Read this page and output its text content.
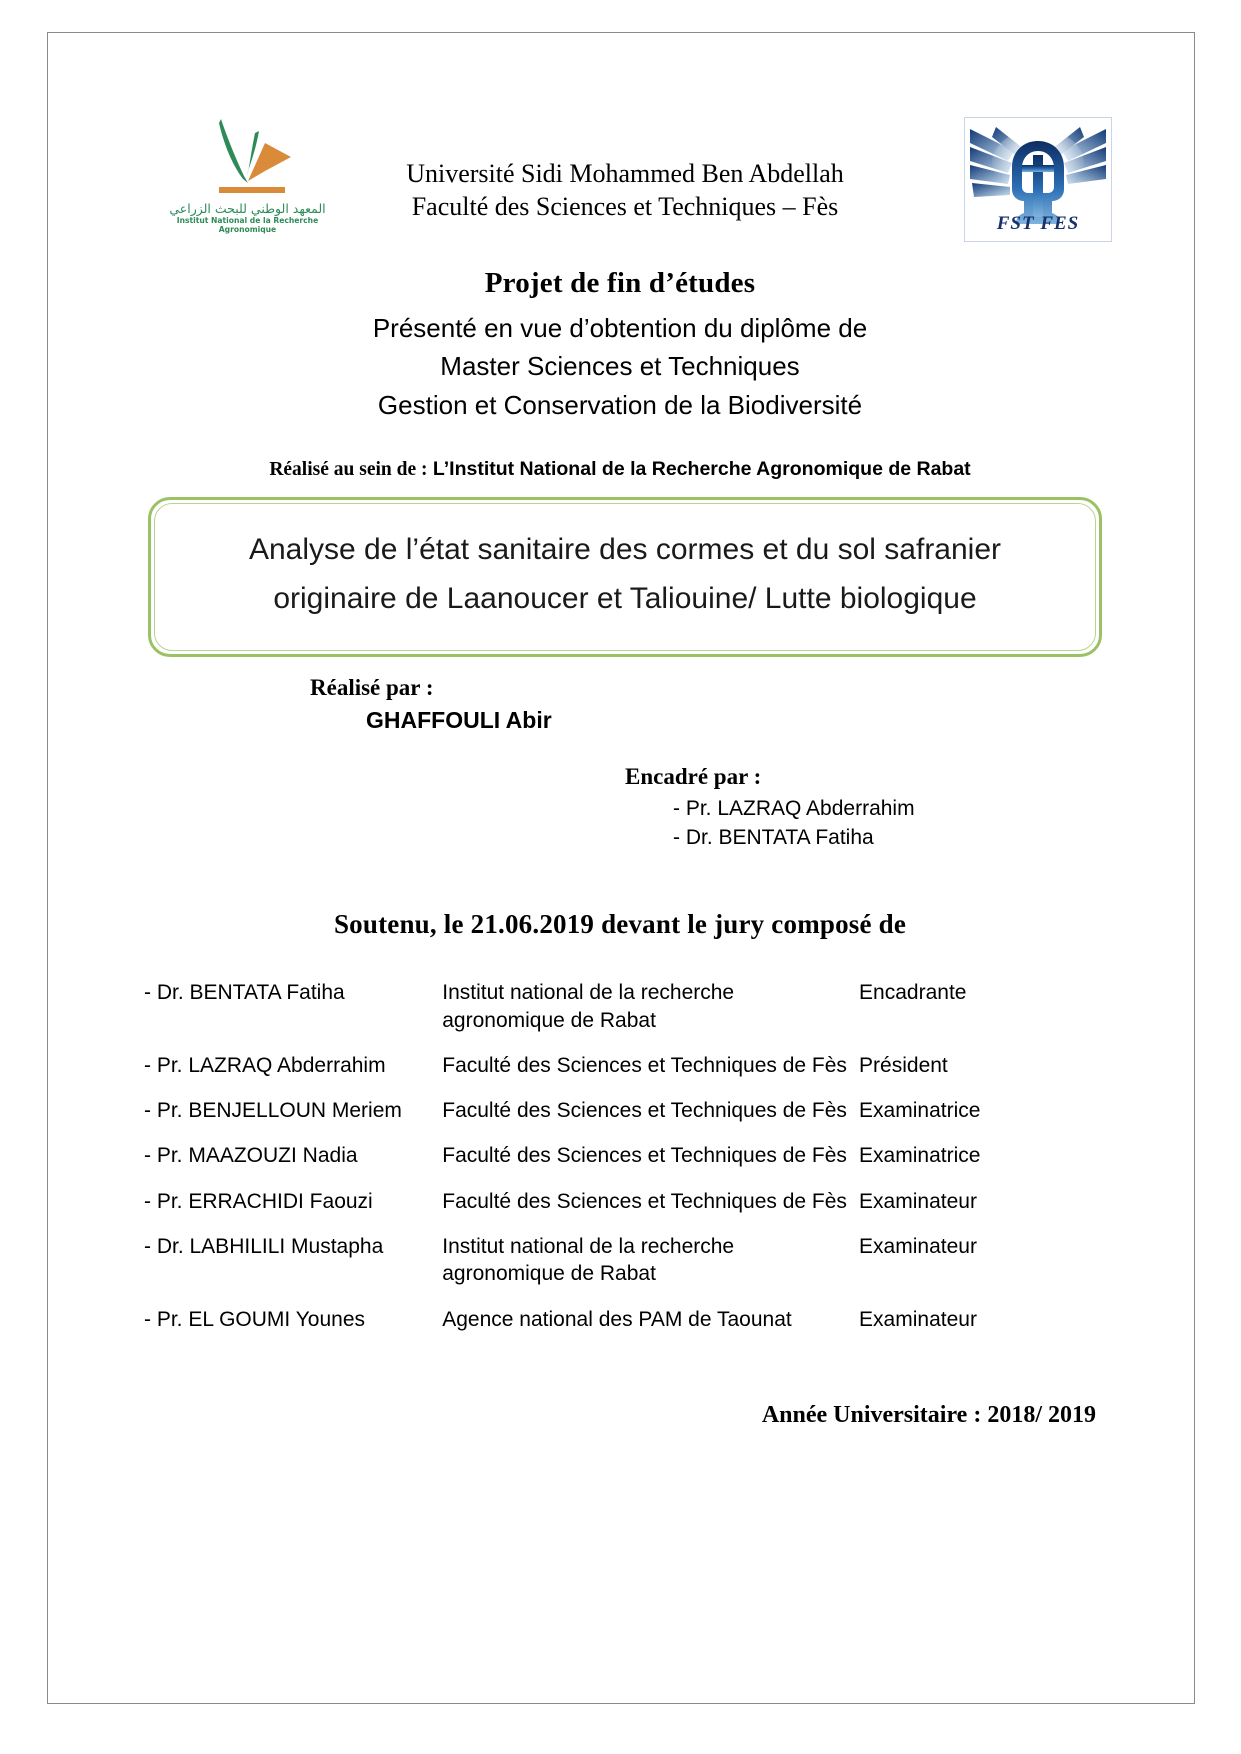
المعهد الوطني للبحث الزراعي
Institut National de la Recherche Agronomique
Université Sidi Mohammed Ben Abdellah
Faculté des Sciences et Techniques – Fès
FST FES
Projet de fin d’études
Présenté en vue d’obtention du diplôme de
Master Sciences et Techniques
Gestion et Conservation de la Biodiversité
Réalisé au sein de : L’Institut National de la Recherche Agronomique de Rabat
Analyse de l’état sanitaire des cormes et du sol safranier
originaire de Laanoucer et Taliouine/ Lutte biologique
Réalisé par :
GHAFFOULI Abir
Encadré par :
- Pr. LAZRAQ Abderrahim
- Dr. BENTATA Fatiha
Soutenu, le 21.06.2019 devant le jury composé de
- Dr. BENTATA Fatiha	Institut national de la recherche agronomique de Rabat	Encadrante
- Pr. LAZRAQ Abderrahim	Faculté des Sciences et Techniques de Fès	Président
- Pr. BENJELLOUN Meriem	Faculté des Sciences et Techniques de Fès	Examinatrice
- Pr. MAAZOUZI Nadia	Faculté des Sciences et Techniques de Fès	Examinatrice
- Pr. ERRACHIDI Faouzi	Faculté des Sciences et Techniques de Fès	Examinateur
- Dr. LABHILILI Mustapha	Institut national de la recherche agronomique de Rabat	Examinateur
- Pr. EL GOUMI Younes	Agence national des PAM de Taounat	Examinateur
Année Universitaire : 2018/ 2019
